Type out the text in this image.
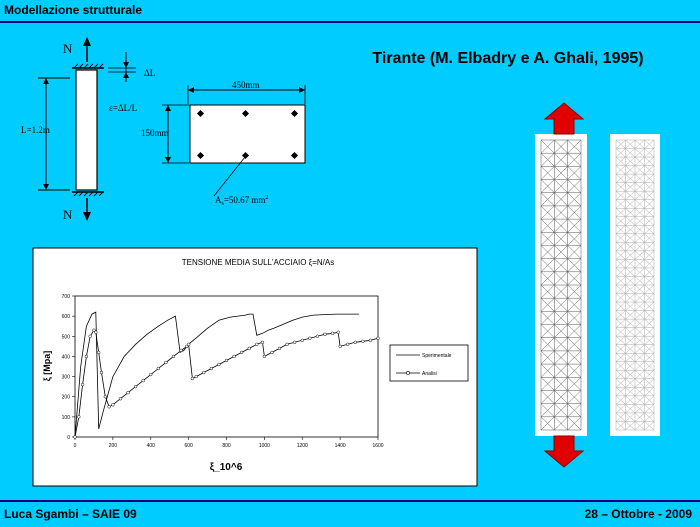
Modellazione strutturale
Tirante (M. Elbadry e A. Ghali, 1995)
N
N
L=1.2m
ΔL
ε=ΔL/L
450mm
150mm
$A_s=50.67$ $mm^2$
TENSIONE MEDIA SULL'ACCIAIO ξ=N/As
ξ_10^6
ξ [Mpa]
0	200	400	600	800	1000	1200	1400	1600
0
100
200
300
400
500
600
700
Sperimentale
Analisi
Luca Sgambi – SAIE 09	28 – Ottobre - 2009
